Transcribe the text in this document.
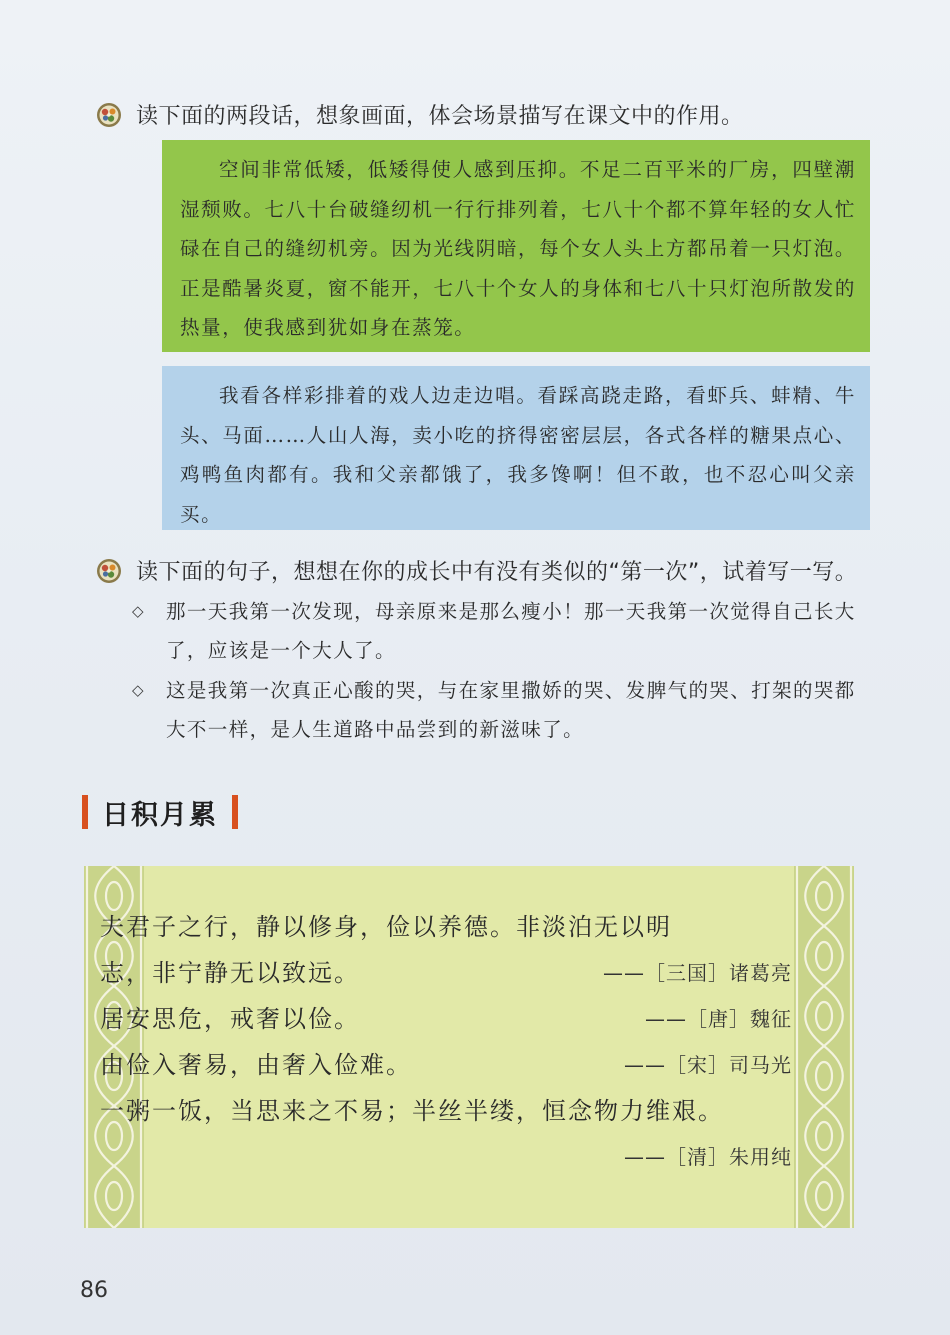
读下面的两段话，想象画面，体会场景描写在课文中的作用。

空间非常低矮，低矮得使人感到压抑。不足二百平米的厂房，四壁潮湿颓败。七八十台破缝纫机一行行排列着，七八十个都不算年轻的女人忙碌在自己的缝纫机旁。因为光线阴暗，每个女人头上方都吊着一只灯泡。正是酷暑炎夏，窗不能开，七八十个女人的身体和七八十只灯泡所散发的热量，使我感到犹如身在蒸笼。

我看各样彩排着的戏人边走边唱。看踩高跷走路，看虾兵、蚌精、牛头、马面……人山人海，卖小吃的挤得密密层层，各式各样的糖果点心、鸡鸭鱼肉都有。我和父亲都饿了，我多馋啊！但不敢，也不忍心叫父亲买。

读下面的句子，想想在你的成长中有没有类似的“第一次”，试着写一写。
◇	那一天我第一次发现，母亲原来是那么瘦小！那一天我第一次觉得自己长大了，应该是一个大人了。
◇	这是我第一次真正心酸的哭，与在家里撒娇的哭、发脾气的哭、打架的哭都大不一样，是人生道路中品尝到的新滋味了。
日积月累
夫君子之行，静以修身，俭以养德。非淡泊无以明
志，非宁静无以致远。	——［三国］诸葛亮
居安思危，戒奢以俭。	——［唐］魏征
由俭入奢易，由奢入俭难。	——［宋］司马光
一粥一饭，当思来之不易；半丝半缕，恒念物力维艰。
——［清］朱用纯
86
